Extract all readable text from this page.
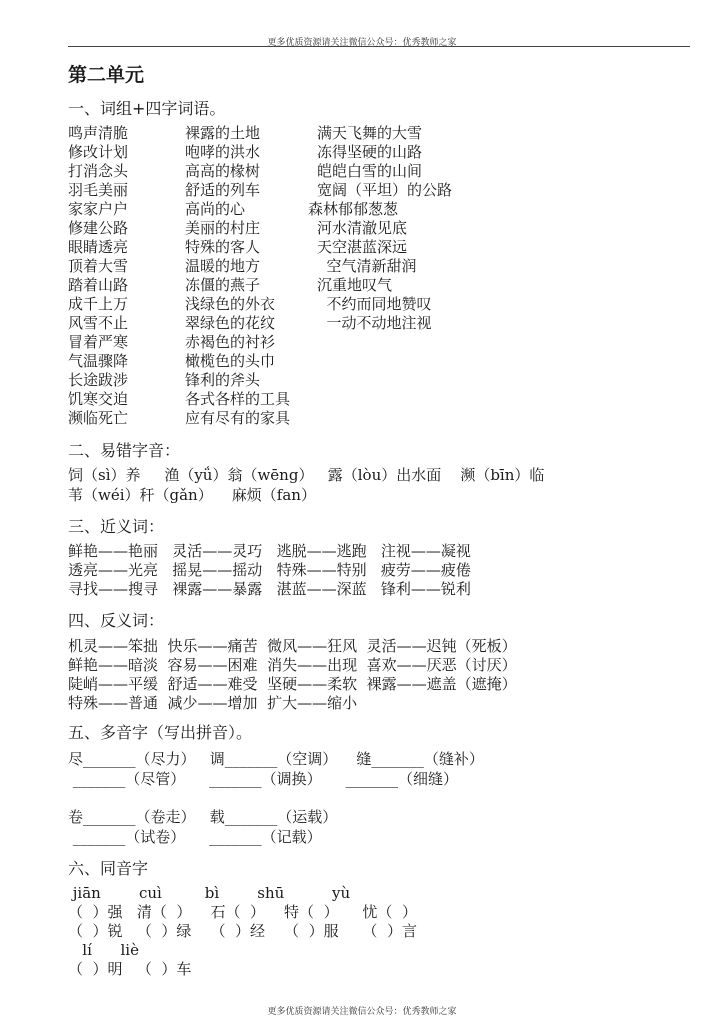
更多优质资源请关注微信公众号：优秀教师之家
第二单元
一、词组+四字词语。
鸣声清脆
修改计划
打消念头
羽毛美丽
家家户户
修建公路
眼睛透亮
顶着大雪
踏着山路
成千上万
风雪不止
冒着严寒
气温骤降
长途跋涉
饥寒交迫
濒临死亡
裸露的土地
咆哮的洪水
高高的椽树
舒适的列车
高尚的心
美丽的村庄
特殊的客人
温暖的地方
冻僵的燕子
浅绿色的外衣
翠绿色的花纹
赤褐色的衬衫
橄榄色的头巾
锋利的斧头
各式各样的工具
应有尽有的家具
满天飞舞的大雪
冻得坚硬的山路
皑皑白雪的山间
宽阔（平坦）的公路
森林郁郁葱葱
河水清澈见底
天空湛蓝深远
空气清新甜润
沉重地叹气
不约而同地赞叹
一动不动地注视
二、易错字音：
饲（sì）养     渔（yǘ）翁（wēng）   露（lòu）出水面    濒（bīn）临
苇（wéi）秆（gǎn）    麻烦（fan）
三、近义词：
鲜艳——艳丽   灵活——灵巧   逃脱——逃跑   注视——凝视
透亮——光亮   摇晃——摇动   特殊——特别   疲劳——疲倦
寻找——搜寻   裸露——暴露   湛蓝——深蓝   锋利——锐利
四、反义词：
机灵——笨拙  快乐——痛苦  微风——狂风  灵活——迟钝（死板）
鲜艳——暗淡  容易——困难  消失——出现  喜欢——厌恶（讨厌）
陡峭——平缓  舒适——难受  坚硬——柔软  裸露——遮盖（遮掩）
特殊——普通  减少——增加  扩大——缩小
五、多音字（写出拼音）。
尽_______（尽力）   调_______（空调）    缝_______（缝补）
_______（尽管）     _______（调换）     _______（细缝）
卷_______（卷走）   载_______（运载）
_______（试卷）     _______（记载）
六、同音字
jiān        cuì         bì        shū          yù
（  ）强   清（  ）    石（  ）    特（  ）     忧（  ）
（  ）锐   （  ）绿    （  ）经    （  ）服     （  ）言
lí      liè
（  ）明   （  ）车
更多优质资源请关注微信公众号：优秀教师之家
